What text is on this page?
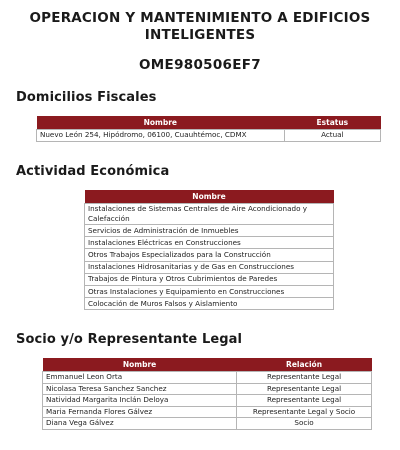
OPERACION Y MANTENIMIENTO A EDIFICIOS INTELIGENTES
OME980506EF7
Domicilios Fiscales
Nombre	Estatus
Nuevo León 254, Hipódromo, 06100, Cuauhtémoc, CDMX	Actual
Actividad Económica
Nombre
Instalaciones de Sistemas Centrales de Aire Acondicionado y Calefacción
Servicios de Administración de Inmuebles
Instalaciones Eléctricas en Construcciones
Otros Trabajos Especializados para la Construcción
Instalaciones Hidrosanitarias y de Gas en Construcciones
Trabajos de Pintura y Otros Cubrimientos de Paredes
Otras Instalaciones y Equipamiento en Construcciones
Colocación de Muros Falsos y Aislamiento
Socio y/o Representante Legal
Nombre	Relación
Emmanuel Leon Orta	Representante Legal
Nicolasa Teresa Sanchez Sanchez	Representante Legal
Natividad Margarita Inclán Deloya	Representante Legal
Maria Fernanda Flores Gálvez	Representante Legal y Socio
Diana Vega Gálvez	Socio
